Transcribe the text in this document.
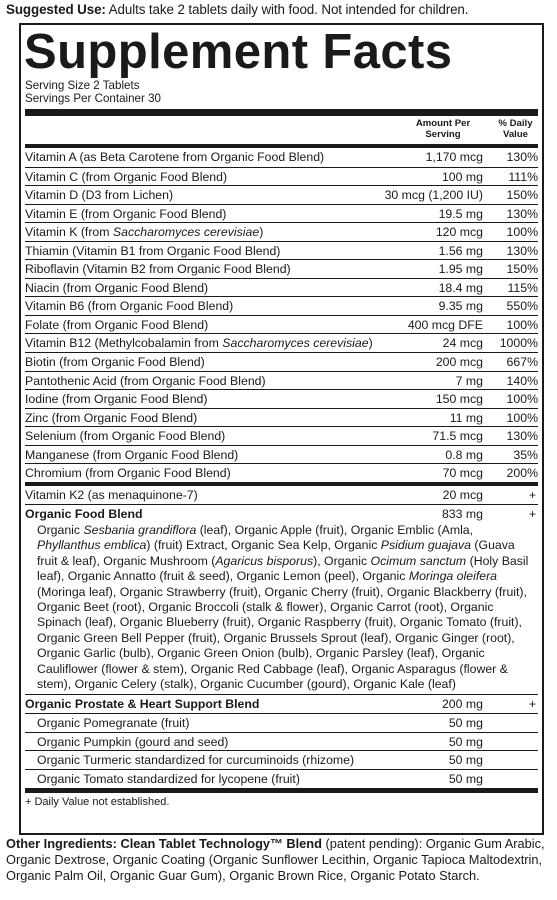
Suggested Use: Adults take 2 tablets daily with food. Not intended for children.
Supplement Facts
Serving Size 2 Tablets
Servings Per Container 30
Amount Per Serving
% Daily Value
Vitamin A (as Beta Carotene from Organic Food Blend)	1,170 mcg	130%
Vitamin C (from Organic Food Blend)	100 mg	111%
Vitamin D (D3 from Lichen)	30 mcg (1,200 IU)	150%
Vitamin E (from Organic Food Blend)	19.5 mg	130%
Vitamin K (from Saccharomyces cerevisiae)	120 mcg	100%
Thiamin (Vitamin B1 from Organic Food Blend)	1.56 mg	130%
Riboflavin (Vitamin B2 from Organic Food Blend)	1.95 mg	150%
Niacin (from Organic Food Blend)	18.4 mg	115%
Vitamin B6 (from Organic Food Blend)	9.35 mg	550%
Folate (from Organic Food Blend)	400 mcg DFE	100%
Vitamin B12 (Methylcobalamin from Saccharomyces cerevisiae)	24 mcg	1000%
Biotin (from Organic Food Blend)	200 mcg	667%
Pantothenic Acid (from Organic Food Blend)	7 mg	140%
Iodine (from Organic Food Blend)	150 mcg	100%
Zinc (from Organic Food Blend)	11 mg	100%
Selenium (from Organic Food Blend)	71.5 mcg	130%
Manganese (from Organic Food Blend)	0.8 mg	35%
Chromium (from Organic Food Blend)	70 mcg	200%
Vitamin K2 (as menaquinone-7)	20 mcg	+
Organic Food Blend	833 mg	+
Organic Sesbania grandiflora (leaf), Organic Apple (fruit), Organic Emblic (Amla, Phyllanthus emblica) (fruit) Extract, Organic Sea Kelp, Organic Psidium guajava (Guava fruit & leaf), Organic Mushroom (Agaricus bisporus), Organic Ocimum sanctum (Holy Basil leaf), Organic Annatto (fruit & seed), Organic Lemon (peel), Organic Moringa oleifera (Moringa leaf), Organic Strawberry (fruit), Organic Cherry (fruit), Organic Blackberry (fruit), Organic Beet (root), Organic Broccoli (stalk & flower), Organic Carrot (root), Organic Spinach (leaf), Organic Blueberry (fruit), Organic Raspberry (fruit), Organic Tomato (fruit), Organic Green Bell Pepper (fruit), Organic Brussels Sprout (leaf), Organic Ginger (root), Organic Garlic (bulb), Organic Green Onion (bulb), Organic Parsley (leaf), Organic Cauliflower (flower & stem), Organic Red Cabbage (leaf), Organic Asparagus (flower & stem), Organic Celery (stalk), Organic Cucumber (gourd), Organic Kale (leaf)
Organic Prostate & Heart Support Blend	200 mg	+
Organic Pomegranate (fruit)	50 mg
Organic Pumpkin (gourd and seed)	50 mg
Organic Turmeric standardized for curcuminoids (rhizome)	50 mg
Organic Tomato standardized for lycopene (fruit)	50 mg
+ Daily Value not established.
Other Ingredients: Clean Tablet Technology™ Blend (patent pending): Organic Gum Arabic, Organic Dextrose, Organic Coating (Organic Sunflower Lecithin, Organic Tapioca Maltodextrin, Organic Palm Oil, Organic Guar Gum), Organic Brown Rice, Organic Potato Starch.
